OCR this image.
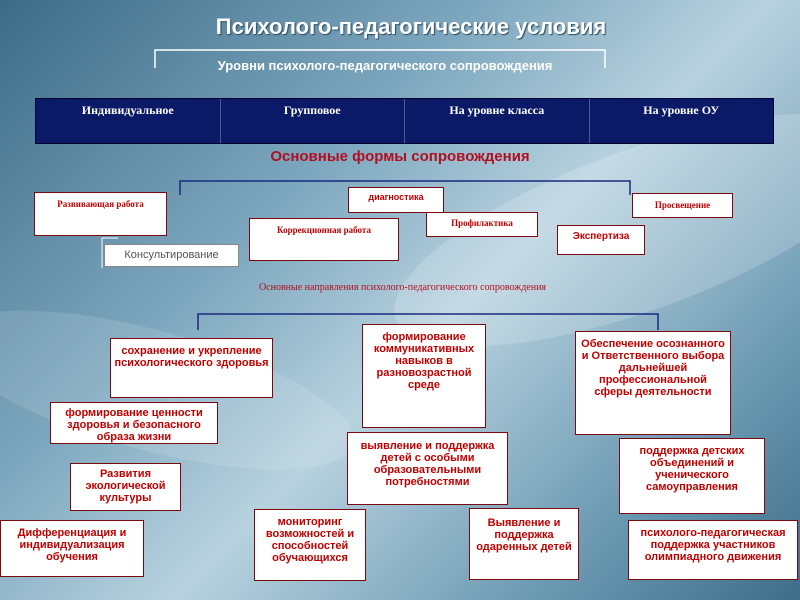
Психолого-педагогические условия
Уровни психолого-педагогического сопровождения
Индивидуальное	Групповое	На уровне класса	На уровне ОУ
Основные формы сопровождения
Развивающая работа
Консультирование
диагностика
Коррекционная работа
Профилактика
Экспертиза
Просвещение
Основные направления психолого-педагогического сопровождения
сохранение и укрепление психологического здоровья
формирование ценности здоровья и безопасного образа жизни
Развития экологической культуры
Дифференциация и индивидуализация обучения
мониторинг возможностей и способностей обучающихся
формирование коммуникативных навыков в разновозрастной среде
выявление и поддержка детей с особыми образовательными потребностями
Выявление и поддержка одаренных детей
Обеспечение осознанного и Ответственного выбора дальнейшей профессиональной сферы деятельности
поддержка детских объединений и ученического самоуправления
психолого-педагогическая поддержка участников олимпиадного движения
